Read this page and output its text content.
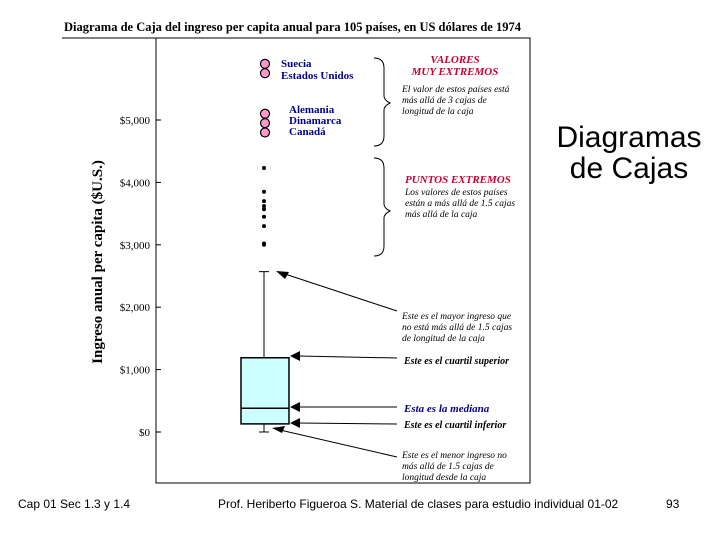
Diagrama de Caja del ingreso per capita anual para 105 países, en US dólares de 1974
Ingreso anual per capita ($U.S.)
$0
$1,000
$2,000
$3,000
$4,000
$5,000
Suecia
Estados Unidos
Alemania
Dinamarca
Canadá
VALORES
MUY EXTREMOS
El valor de estos países está
más allá de 3 cajas de
longitud de la caja
PUNTOS EXTREMOS
Los valores de estos países
están a más allá de 1.5 cajas
más allá de la caja
Este es el mayor ingreso que
no está más allá de 1.5 cajas
de longitud de la caja
Este es el cuartil superior
Esta es la mediana
Este es el cuartil inferior
Este es el menor ingreso no
más allá de 1.5 cajas de
longitud desde la caja
Diagramas de Cajas
Cap 01 Sec 1.3 y 1.4	Prof. Heriberto Figueroa S. Material de clases para estudio individual 01-02	93
